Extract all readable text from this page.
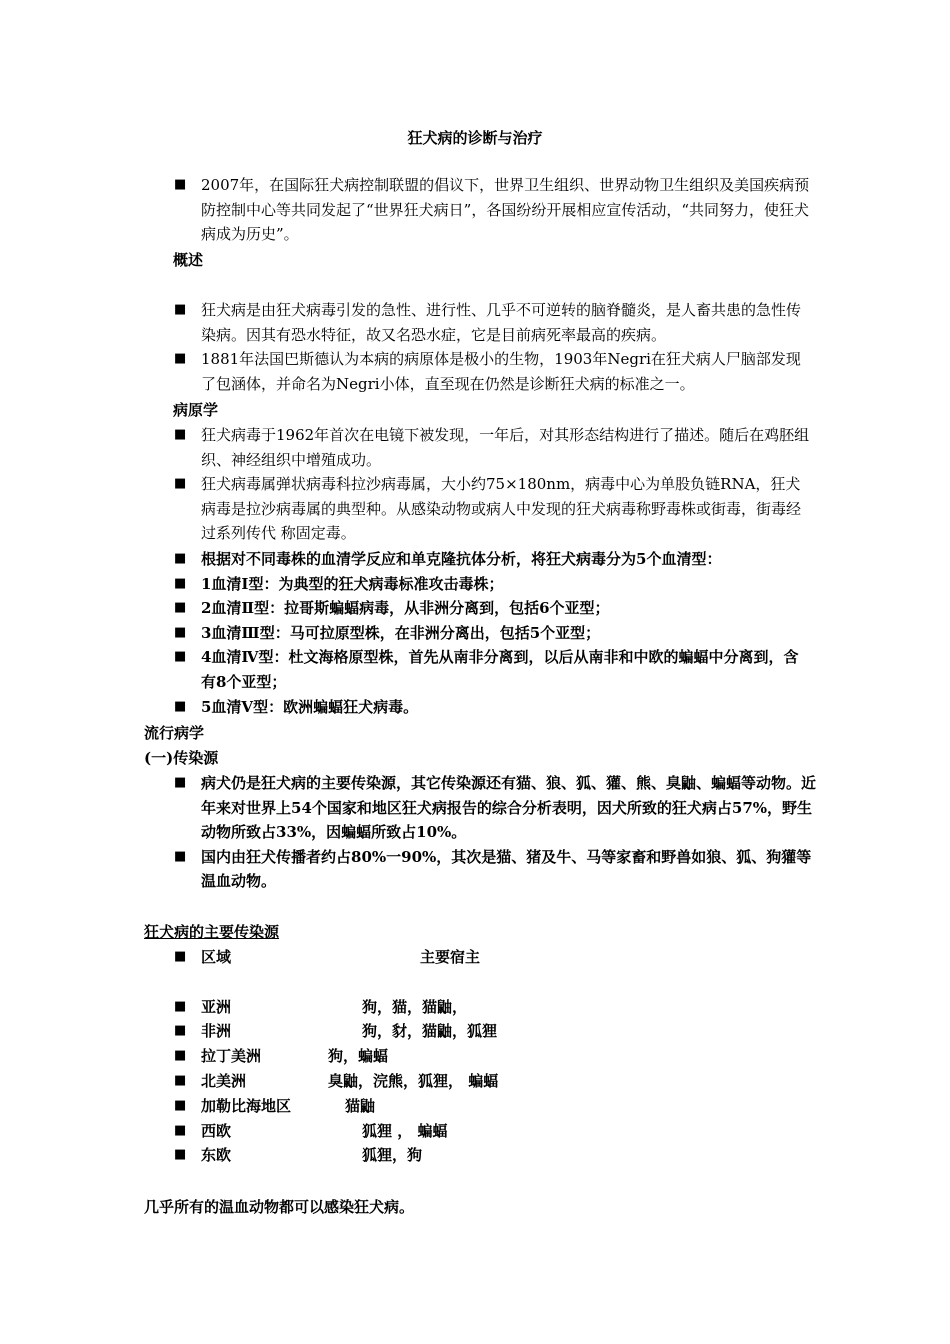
狂犬病的诊断与治疗
■ 2007年，在国际狂犬病控制联盟的倡议下，世界卫生组织、世界动物卫生组织及美国疾病预防控制中心等共同发起了“世界狂犬病日”，各国纷纷开展相应宣传活动，“共同努力，使狂犬病成为历史”。
概述
■ 狂犬病是由狂犬病毒引发的急性、进行性、几乎不可逆转的脑脊髓炎，是人畜共患的急性传染病。因其有恐水特征，故又名恐水症，它是目前病死率最高的疾病。
■ 1881年法国巴斯德认为本病的病原体是极小的生物，1903年Negri在狂犬病人尸脑部发现了包涵体，并命名为Negri小体，直至现在仍然是诊断狂犬病的标准之一。
病原学
■ 狂犬病毒于1962年首次在电镜下被发现，一年后，对其形态结构进行了描述。随后在鸡胚组织、神经组织中增殖成功。
■ 狂犬病毒属弹状病毒科拉沙病毒属，大小约75×180nm，病毒中心为单股负链RNA，狂犬病毒是拉沙病毒属的典型种。从感染动物或病人中发现的狂犬病毒称野毒株或街毒，街毒经过系列传代 称固定毒。
■ 根据对不同毒株的血清学反应和单克隆抗体分析，将狂犬病毒分为5个血清型：
■ 1血清Ⅰ型：为典型的狂犬病毒标准攻击毒株；
■ 2血清Ⅱ型：拉哥斯蝙蝠病毒，从非洲分离到，包括6个亚型；
■ 3血清Ⅲ型：马可拉原型株，在非洲分离出，包括5个亚型；
■ 4血清Ⅳ型：杜文海格原型株，首先从南非分离到，以后从南非和中欧的蝙蝠中分离到，含有8个亚型；
■ 5血清Ⅴ型：欧洲蝙蝠狂犬病毒。
流行病学
(一)传染源
■ 病犬仍是狂犬病的主要传染源，其它传染源还有猫、狼、狐、獾、熊、臭鼬、蝙蝠等动物。近年来对世界上54个国家和地区狂犬病报告的综合分析表明，因犬所致的狂犬病占57%，野生动物所致占33%，因蝙蝠所致占10%。
■ 国内由狂犬传播者约占80%一90%，其次是猫、猪及牛、马等家畜和野兽如狼、狐、狗獾等温血动物。
狂犬病的主要传染源
■ 区域	主要宿主
■ 亚洲	狗，猫，猫鼬，
■ 非洲	狗，豺，猫鼬，狐狸
■ 拉丁美洲	狗，蝙蝠
■ 北美洲	臭鼬，浣熊，狐狸， 蝙蝠
■ 加勒比海地区	猫鼬
■ 西欧	狐狸 ， 蝙蝠
■ 东欧	狐狸，狗
几乎所有的温血动物都可以感染狂犬病。
